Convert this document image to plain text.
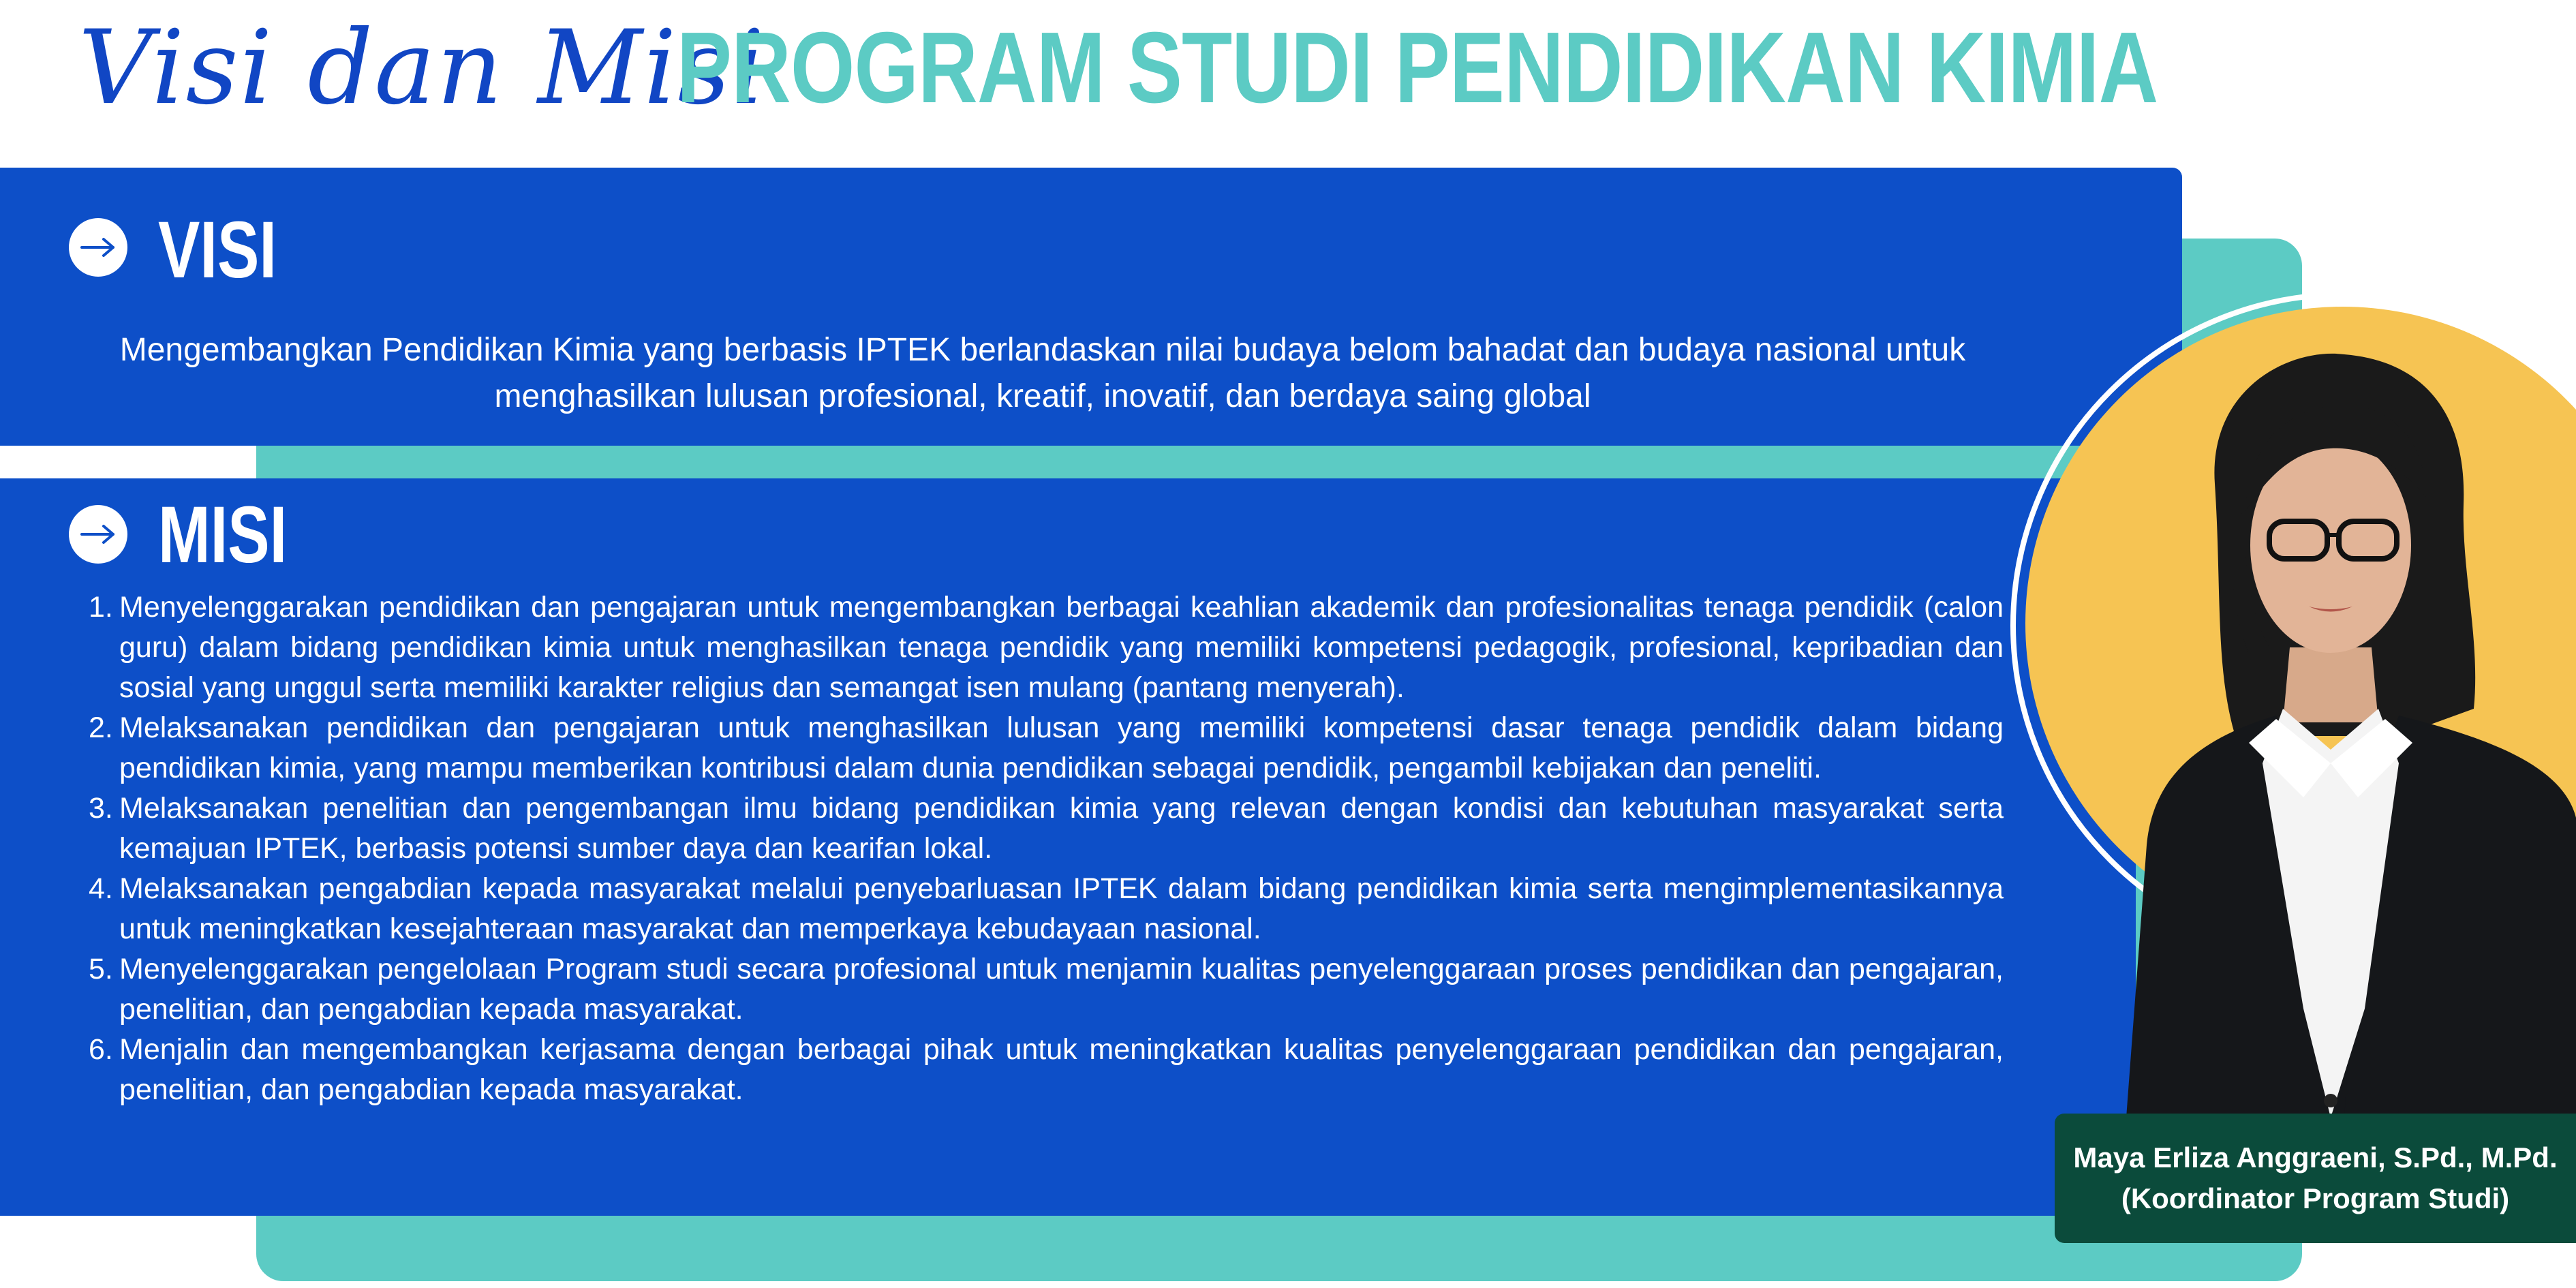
Visi dan Misi
PROGRAM STUDI PENDIDIKAN KIMIA
VISI
Mengembangkan Pendidikan Kimia yang berbasis IPTEK berlandaskan nilai budaya belom bahadat dan budaya nasional untuk menghasilkan lulusan profesional, kreatif, inovatif, dan berdaya saing global
MISI
1. Menyelenggarakan pendidikan dan pengajaran untuk mengembangkan berbagai keahlian akademik dan profesionalitas tenaga pendidik (calon guru) dalam bidang pendidikan kimia untuk menghasilkan tenaga pendidik yang memiliki kompetensi pedagogik, profesional, kepribadian dan sosial yang unggul serta memiliki karakter religius dan semangat isen mulang (pantang menyerah).
2. Melaksanakan pendidikan dan pengajaran untuk menghasilkan lulusan yang memiliki kompetensi dasar tenaga pendidik dalam bidang pendidikan kimia, yang mampu memberikan kontribusi dalam dunia pendidikan sebagai pendidik, pengambil kebijakan dan peneliti.
3. Melaksanakan penelitian dan pengembangan ilmu bidang pendidikan kimia yang relevan dengan kondisi dan kebutuhan masyarakat serta kemajuan IPTEK, berbasis potensi sumber daya dan kearifan lokal.
4. Melaksanakan pengabdian kepada masyarakat melalui penyebarluasan IPTEK dalam bidang pendidikan kimia serta mengimplementasikannya untuk meningkatkan kesejahteraan masyarakat dan memperkaya kebudayaan nasional.
5. Menyelenggarakan pengelolaan Program studi secara profesional untuk menjamin kualitas penyelenggaraan proses pendidikan dan pengajaran, penelitian, dan pengabdian kepada masyarakat.
6. Menjalin dan mengembangkan kerjasama dengan berbagai pihak untuk meningkatkan kualitas penyelenggaraan pendidikan dan pengajaran, penelitian, dan pengabdian kepada masyarakat.
Maya Erliza Anggraeni, S.Pd., M.Pd.
(Koordinator Program Studi)
